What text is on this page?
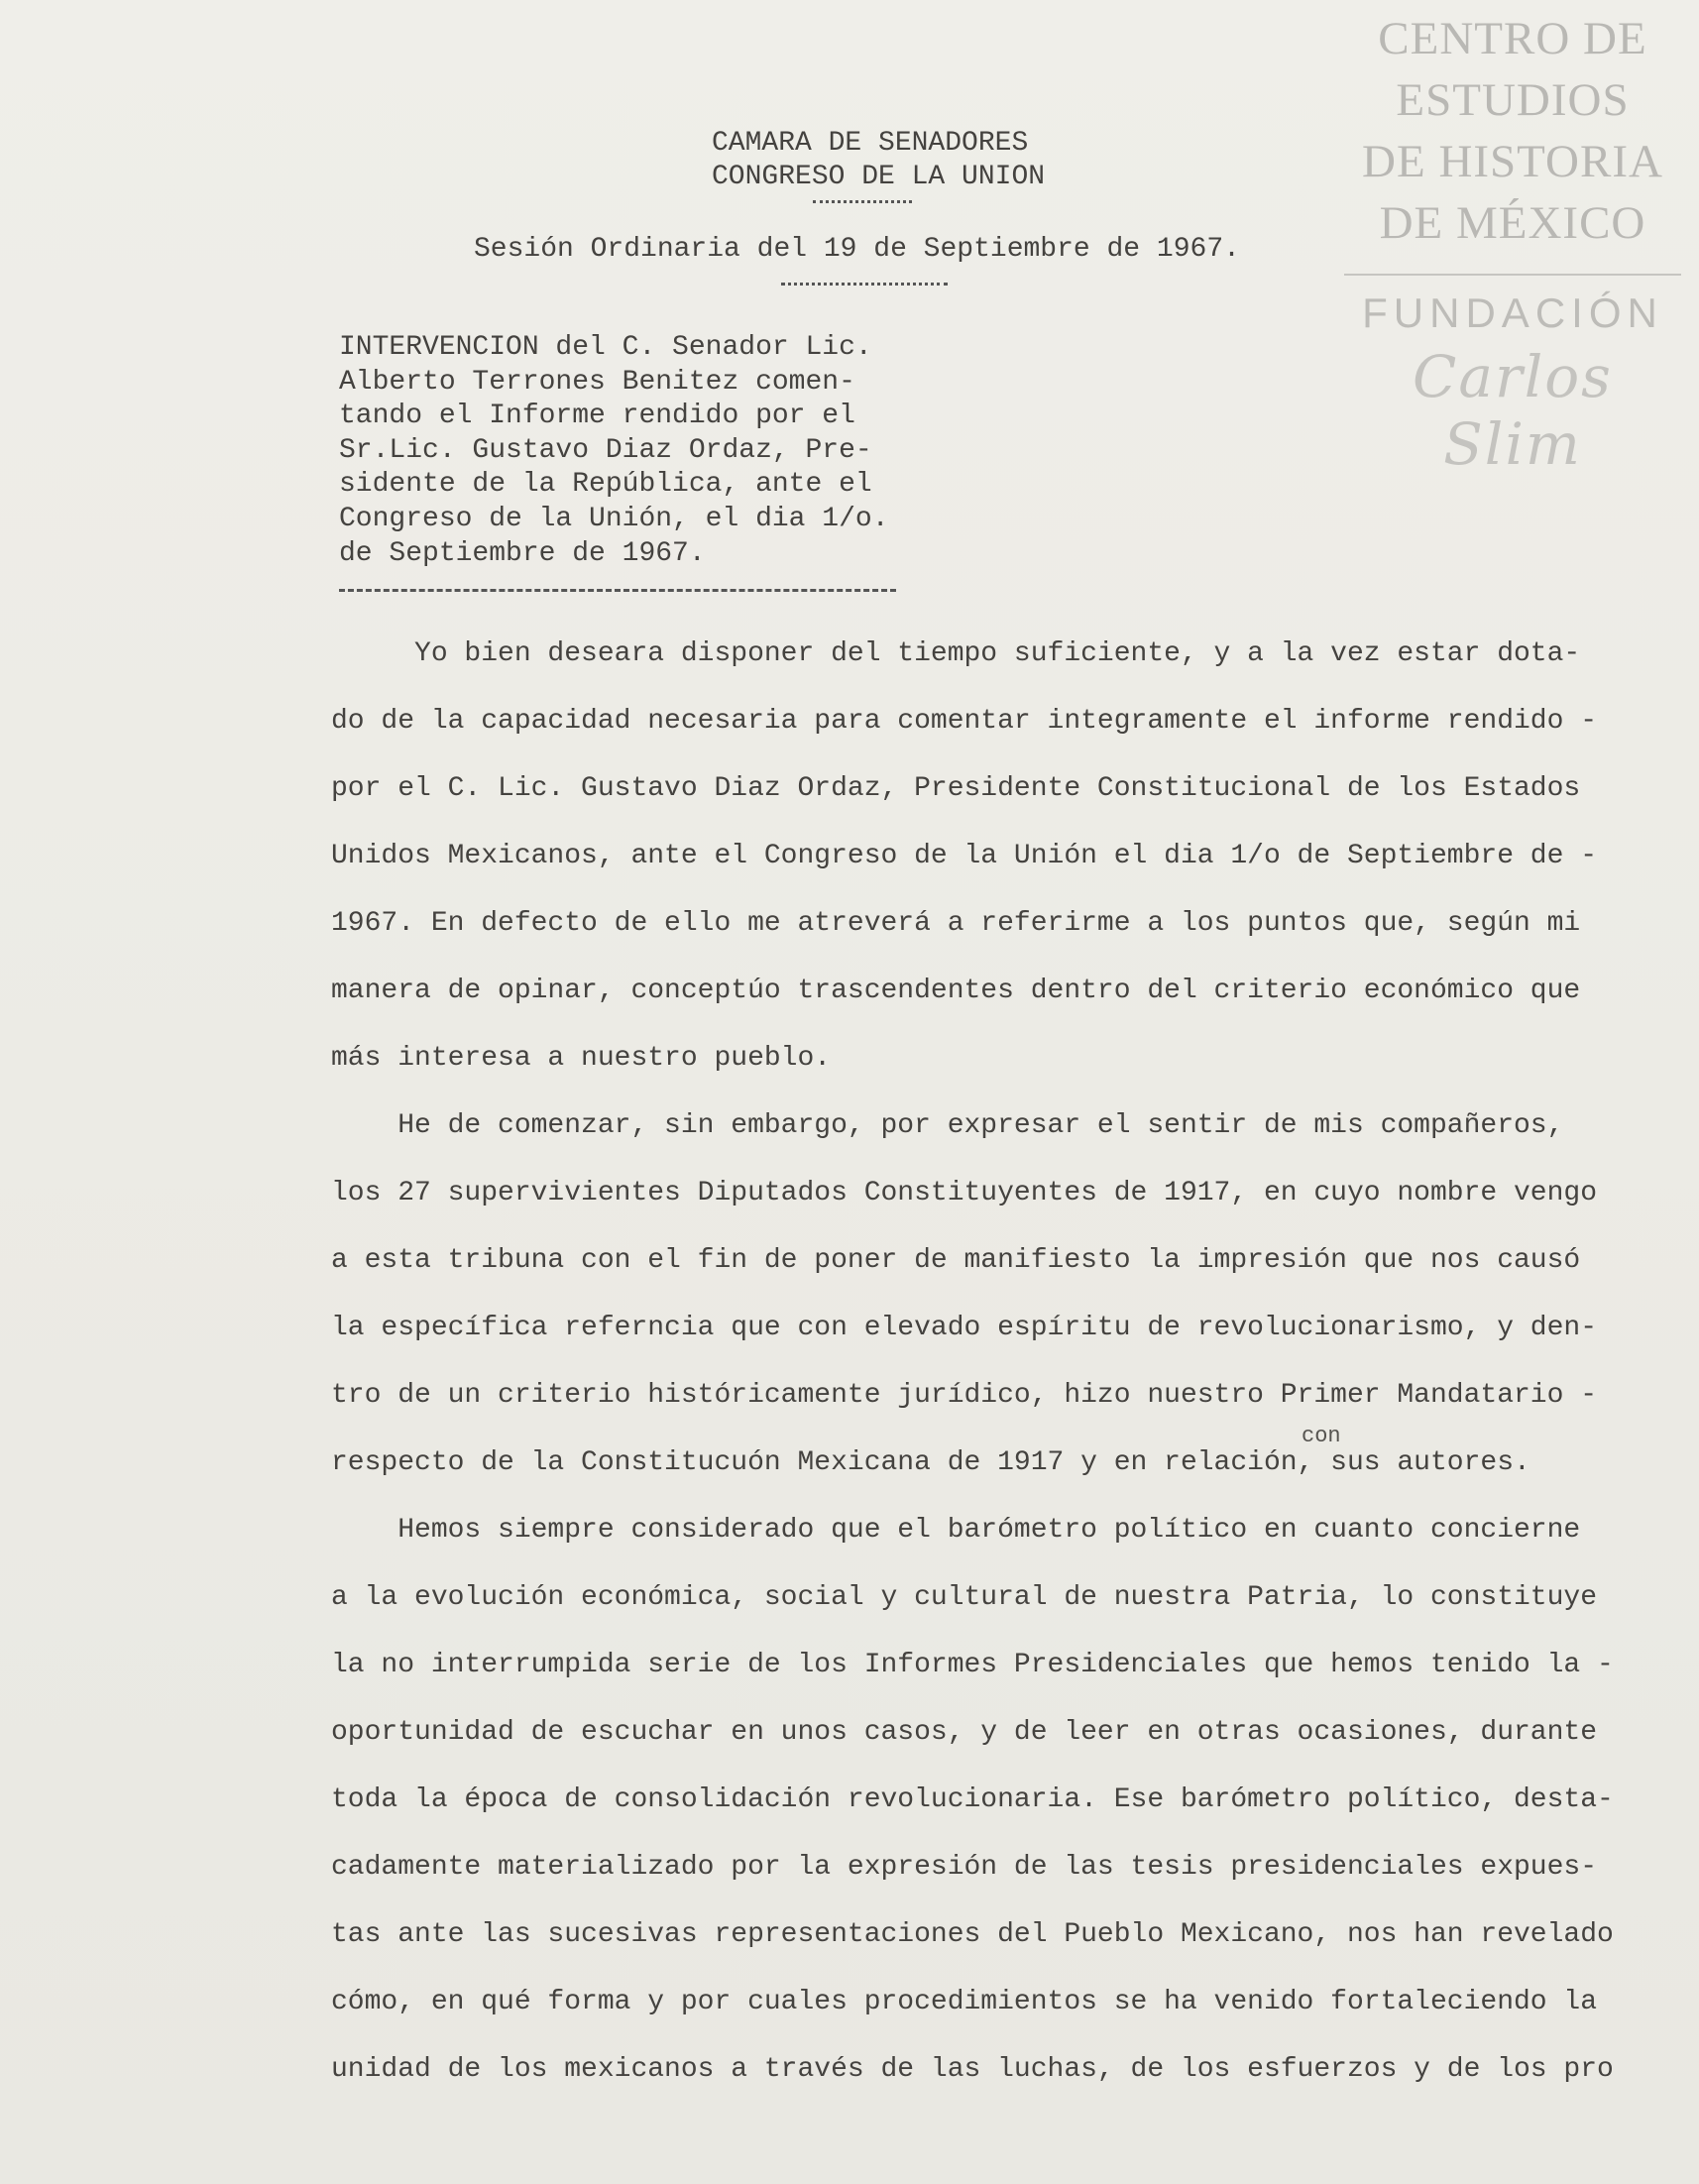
CENTRO DE
ESTUDIOS
DE HISTORIA
DE MÉXICO
FUNDACIÓN
Carlos Slim
CAMARA DE SENADORES
CONGRESO DE LA UNION
Sesión Ordinaria del 19 de Septiembre de 1967.
INTERVENCION del C. Senador Lic.
Alberto Terrones Benitez comen-
tando el Informe rendido por el
Sr.Lic. Gustavo Diaz Ordaz, Pre-
sidente de la República, ante el
Congreso de la Unión, el dia 1/o.
de Septiembre de 1967.
Yo bien deseara disponer del tiempo suficiente, y a la vez estar dota-
do de la capacidad necesaria para comentar integramente el informe rendido -
por el C. Lic. Gustavo Diaz Ordaz, Presidente Constitucional de los Estados
Unidos Mexicanos, ante el Congreso de la Unión el dia 1/o de Septiembre de -
1967. En defecto de ello me atreverá a referirme a los puntos que, según mi
manera de opinar, conceptúo trascendentes dentro del criterio económico que
más interesa a nuestro pueblo.
He de comenzar, sin embargo, por expresar el sentir de mis compañeros,
los 27 supervivientes Diputados Constituyentes de 1917, en cuyo nombre vengo
a esta tribuna con el fin de poner de manifiesto la impresión que nos causó
la específica referncia que con elevado espíritu de revolucionarismo, y den-
tro de un criterio históricamente jurídico, hizo nuestro Primer Mandatario -
respecto de la Constitucuón Mexicana de 1917 y en relación, sus autores.
Hemos siempre considerado que el barómetro político en cuanto concierne
a la evolución económica, social y cultural de nuestra Patria, lo constituye
la no interrumpida serie de los Informes Presidenciales que hemos tenido la -
oportunidad de escuchar en unos casos, y de leer en otras ocasiones, durante
toda la época de consolidación revolucionaria. Ese barómetro político, desta-
cadamente materializado por la expresión de las tesis presidenciales expues-
tas ante las sucesivas representaciones del Pueblo Mexicano, nos han revelado
cómo, en qué forma y por cuales procedimientos se ha venido fortaleciendo la
unidad de los mexicanos a través de las luchas, de los esfuerzos y de los pro
con
